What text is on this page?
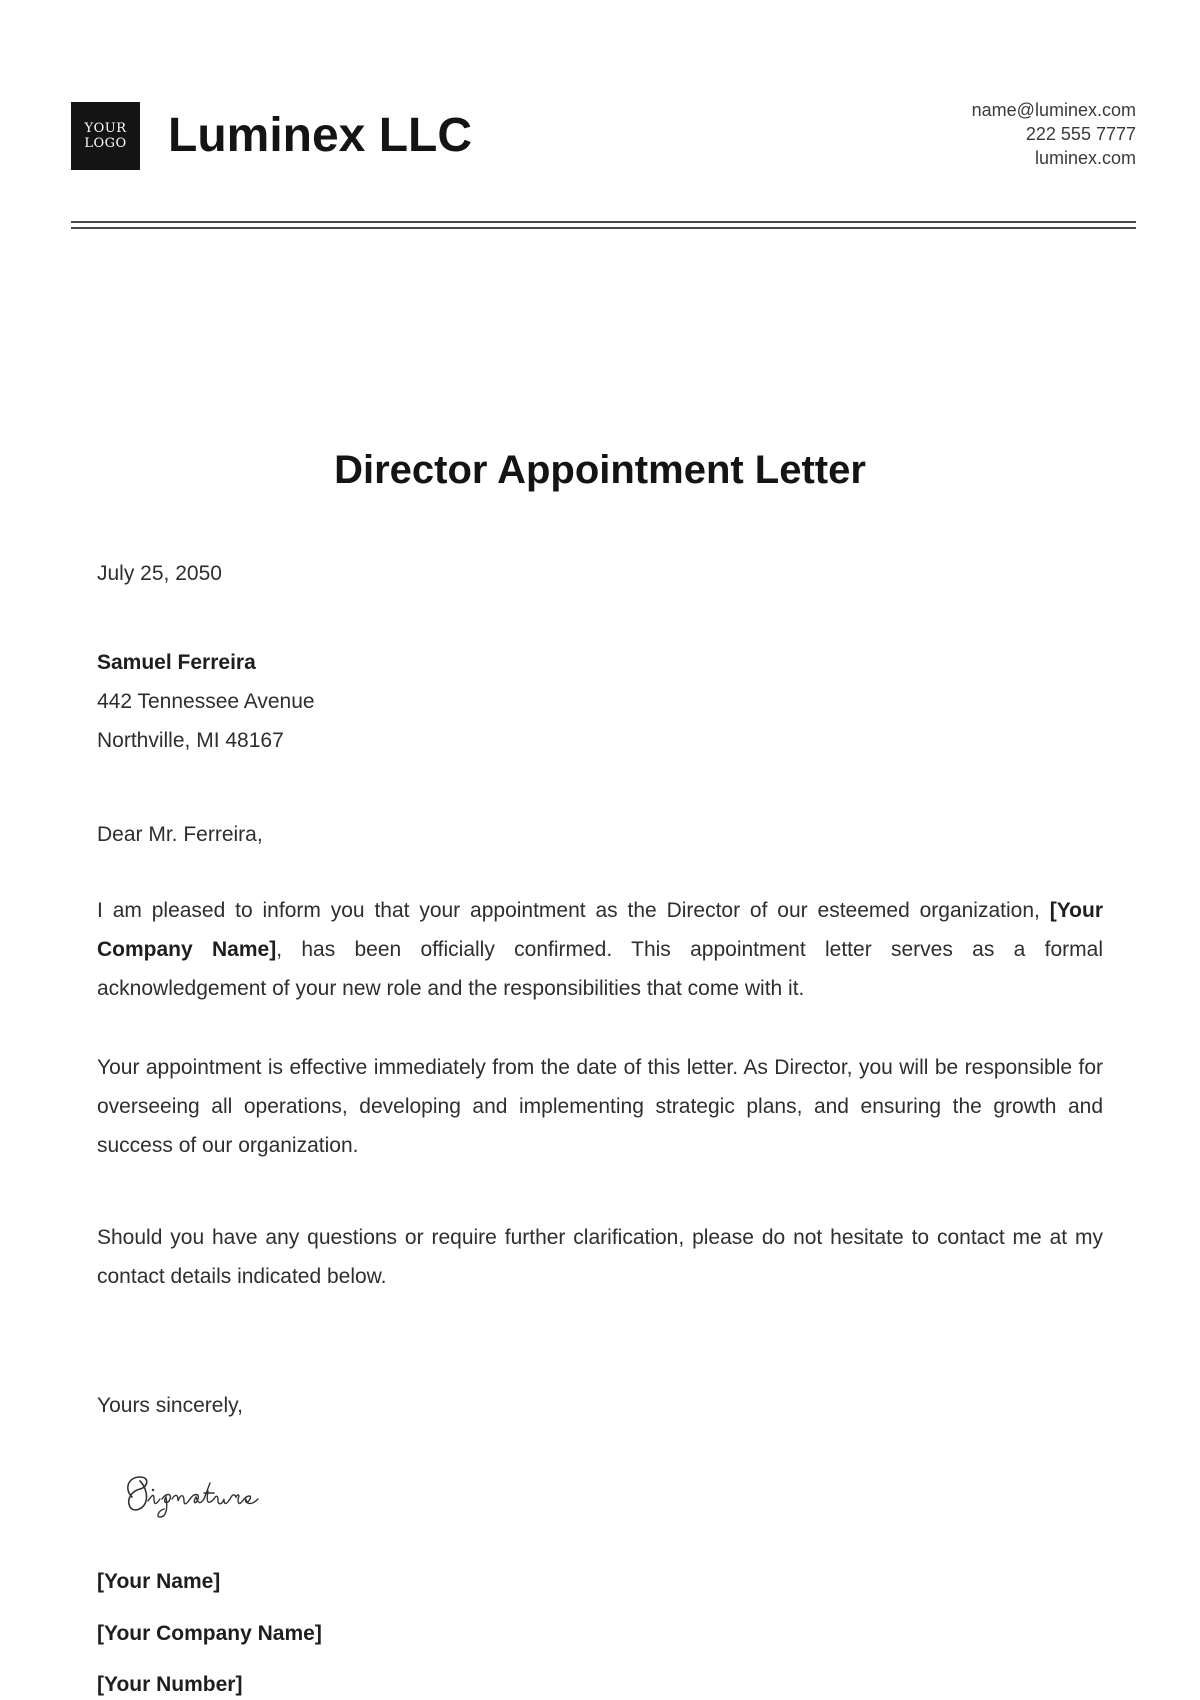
YOUR
LOGO Luminex LLC	name@luminex.com
222 555 7777
luminex.com
Director Appointment Letter
July 25, 2050
Samuel Ferreira
442 Tennessee Avenue
Northville, MI 48167
Dear Mr. Ferreira,

I am pleased to inform you that your appointment as the Director of our esteemed organization, [Your Company Name], has been officially confirmed. This appointment letter serves as a formal acknowledgement of your new role and the responsibilities that come with it.

Your appointment is effective immediately from the date of this letter. As Director, you will be responsible for overseeing all operations, developing and implementing strategic plans, and ensuring the growth and success of our organization.

Should you have any questions or require further clarification, please do not hesitate to contact me at my contact details indicated below.

Yours sincerely,
[Your Name]
[Your Company Name]
[Your Number]
